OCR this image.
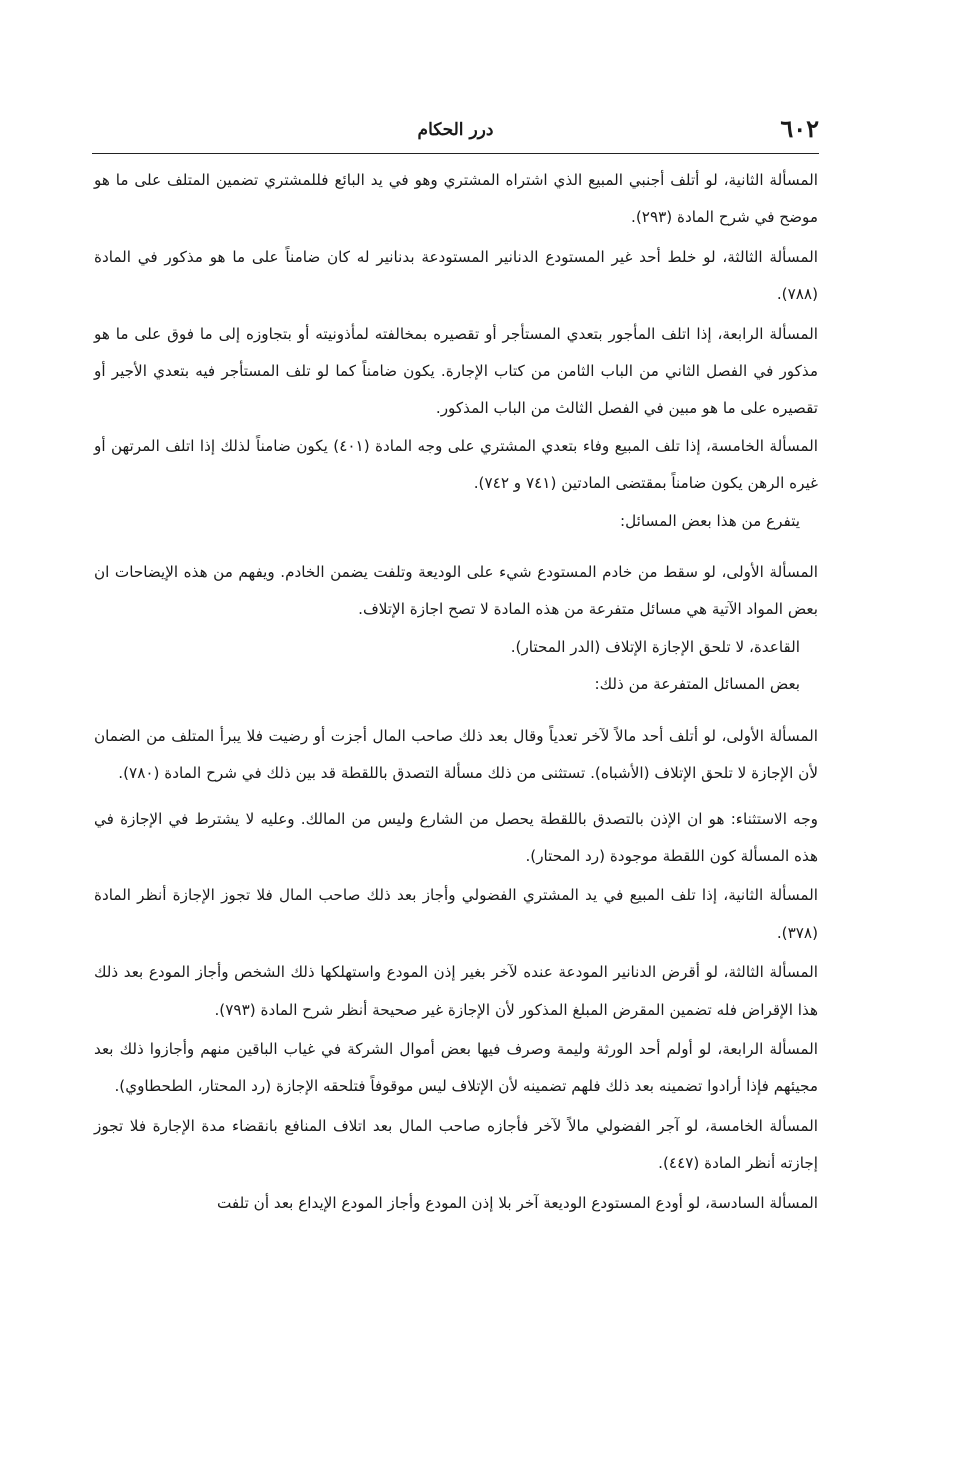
٦٠٢
درر الحكام

المسألة الثانية، لو أتلف أجنبي المبيع الذي اشتراه المشتري وهو في يد البائع فللمشتري تضمين المتلف على ما هو موضح في شرح المادة (٢٩٣).

المسألة الثالثة، لو خلط أحد غير المستودع الدنانير المستودعة بدنانير له كان ضامناً على ما هو مذكور في المادة (٧٨٨).

المسألة الرابعة، إذا اتلف المأجور بتعدي المستأجر أو تقصيره بمخالفته لمأذونيته أو بتجاوزه إلى ما فوق على ما هو مذكور في الفصل الثاني من الباب الثامن من كتاب الإجارة. يكون ضامناً كما لو تلف المستأجر فيه بتعدي الأجير أو تقصيره على ما هو مبين في الفصل الثالث من الباب المذكور.

المسألة الخامسة، إذا تلف المبيع وفاء بتعدي المشتري على وجه المادة (٤٠١) يكون ضامناً لذلك إذا اتلف المرتهن أو غيره الرهن يكون ضامناً بمقتضى المادتين (٧٤١ و ٧٤٢).

يتفرع من هذا بعض المسائل:

المسألة الأولى، لو سقط من خادم المستودع شيء على الوديعة وتلفت يضمن الخادم. ويفهم من هذه الإيضاحات ان بعض المواد الآتية هي مسائل متفرعة من هذه المادة لا تصح اجازة الإتلاف.

القاعدة، لا تلحق الإجازة الإتلاف (الدر المحتار).

بعض المسائل المتفرعة من ذلك:

المسألة الأولى، لو أتلف أحد مالاً لآخر تعدياً وقال بعد ذلك صاحب المال أجزت أو رضيت فلا يبرأ المتلف من الضمان لأن الإجازة لا تلحق الإتلاف (الأشباه). تستثنى من ذلك مسألة التصدق باللقطة قد بين ذلك في شرح المادة (٧٨٠).

وجه الاستثناء: هو ان الإذن بالتصدق باللقطة يحصل من الشارع وليس من المالك. وعليه لا يشترط في الإجازة في هذه المسألة كون اللقطة موجودة (رد المحتار).

المسألة الثانية، إذا تلف المبيع في يد المشتري الفضولي وأجاز بعد ذلك صاحب المال فلا تجوز الإجازة أنظر المادة (٣٧٨).

المسألة الثالثة، لو أقرض الدنانير المودعة عنده لآخر بغير إذن المودع واستهلكها ذلك الشخص وأجاز المودع بعد ذلك هذا الإقراض فله تضمين المقرض المبلغ المذكور لأن الإجازة غير صحيحة أنظر شرح المادة (٧٩٣).

المسألة الرابعة، لو أولم أحد الورثة وليمة وصرف فيها بعض أموال الشركة في غياب الباقين منهم وأجازوا ذلك بعد مجيئهم فإذا أرادوا تضمينه بعد ذلك فلهم تضمينه لأن الإتلاف ليس موقوفاً فتلحقه الإجازة (رد المحتار، الطحطاوي).

المسألة الخامسة، لو آجر الفضولي مالاً لآخر فأجازه صاحب المال بعد اتلاف المنافع بانقضاء مدة الإجارة فلا تجوز إجازته أنظر المادة (٤٤٧).

المسألة السادسة، لو أودع المستودع الوديعة آخر بلا إذن المودع وأجاز المودع الإيداع بعد أن تلفت
